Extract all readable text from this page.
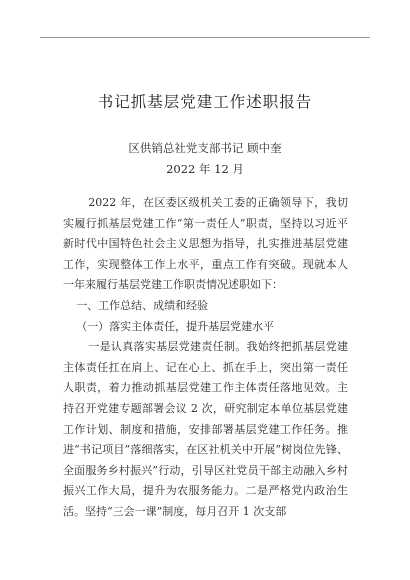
书记抓基层党建工作述职报告
区供销总社党支部书记 顾中奎
2022 年 12 月

2022 年，在区委区级机关工委的正确领导下，我切实履行抓基层党建工作“第一责任人”职责，坚持以习近平新时代中国特色社会主义思想为指导，扎实推进基层党建工作，实现整体工作上水平，重点工作有突破。现就本人一年来履行基层党建工作职责情况述职如下：

一、工作总结、成绩和经验

（一）落实主体责任，提升基层党建水平

一是认真落实基层党建责任制。我始终把抓基层党建主体责任扛在肩上、记在心上、抓在手上，突出第一责任人职责，着力推动抓基层党建工作主体责任落地见效。主持召开党建专题部署会议 2 次，研究制定本单位基层党建工作计划、制度和措施，安排部署基层党建工作任务。推进“书记项目”落细落实，在区社机关中开展“树岗位先锋、全面服务乡村振兴”行动，引导区社党员干部主动融入乡村振兴工作大局，提升为农服务能力。二是严格党内政治生活。坚持“三会一课”制度，每月召开 1 次支部
